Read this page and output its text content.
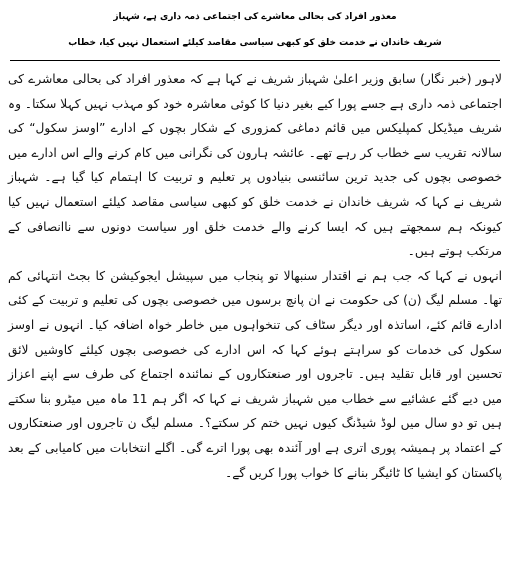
معذور افراد کی بحالی معاشرے کی اجتماعی ذمہ داری ہے، شہباز
شریف خاندان نے خدمت خلق کو کبھی سیاسی مقاصد کیلئے استعمال نہیں کیا، خطاب

لاہور (خبر نگار) سابق وزیر اعلیٰ شہباز شریف نے کہا ہے کہ معذور افراد کی بحالی معاشرے کی اجتماعی ذمہ داری ہے جسے پورا کیے بغیر دنیا کا کوئی معاشرہ خود کو مہذب نہیں کہلا سکتا۔ وہ شریف میڈیکل کمپلیکس میں قائم دماغی کمزوری کے شکار بچوں کے ادارے ”اوسز سکول“ کی سالانہ تقریب سے خطاب کر رہے تھے۔ عائشہ ہارون کی نگرانی میں کام کرنے والے اس ادارے میں خصوصی بچوں کی جدید ترین سائنسی بنیادوں پر تعلیم و تربیت کا اہتمام کیا گیا ہے۔ شہباز شریف نے کہا کہ شریف خاندان نے خدمت خلق کو کبھی سیاسی مقاصد کیلئے استعمال نہیں کیا کیونکہ ہم سمجھتے ہیں کہ ایسا کرنے والے خدمت خلق اور سیاست دونوں سے ناانصافی کے مرتکب ہوتے ہیں۔

انہوں نے کہا کہ جب ہم نے اقتدار سنبھالا تو پنجاب میں سپیشل ایجوکیشن کا بجٹ انتہائی کم تھا۔ مسلم لیگ (ن) کی حکومت نے ان پانچ برسوں میں خصوصی بچوں کی تعلیم و تربیت کے کئی ادارے قائم کئے، اساتذہ اور دیگر سٹاف کی تنخواہوں میں خاطر خواہ اضافہ کیا۔ انہوں نے اوسز سکول کی خدمات کو سراہتے ہوئے کہا کہ اس ادارے کی خصوصی بچوں کیلئے کاوشیں لائق تحسین اور قابل تقلید ہیں۔ تاجروں اور صنعتکاروں کے نمائندہ اجتماع کی طرف سے اپنے اعزاز میں دیے گئے عشائیے سے خطاب میں شہباز شریف نے کہا کہ اگر ہم 11 ماہ میں میٹرو بنا سکتے ہیں تو دو سال میں لوڈ شیڈنگ کیوں نہیں ختم کر سکتے؟۔ مسلم لیگ ن تاجروں اور صنعتکاروں کے اعتماد پر ہمیشہ پوری اتری ہے اور آئندہ بھی پورا اترے گی۔ اگلے انتخابات میں کامیابی کے بعد پاکستان کو ایشیا کا ٹائیگر بنانے کا خواب پورا کریں گے۔
